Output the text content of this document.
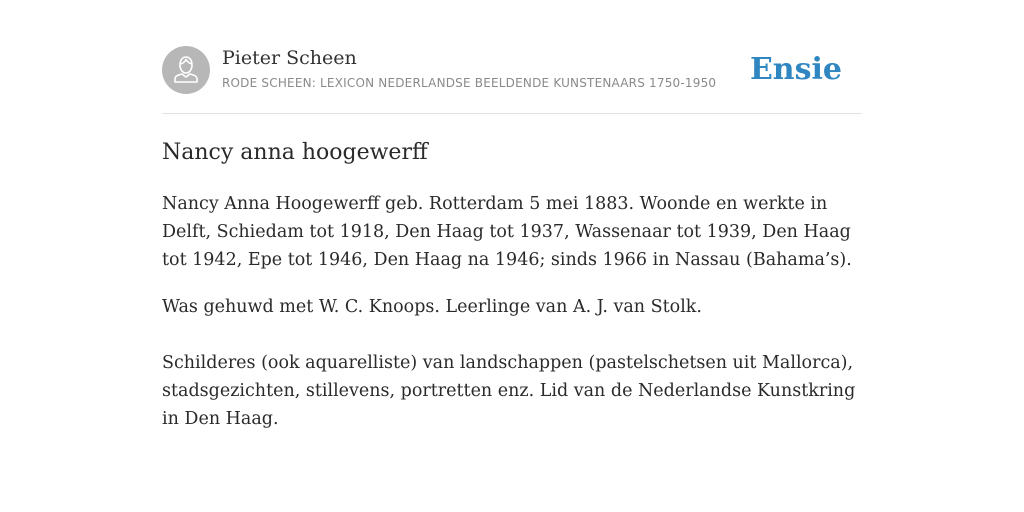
Pieter Scheen
RODE SCHEEN: LEXICON NEDERLANDSE BEELDENDE KUNSTENAARS 1750-1950 Ensie
Nancy anna hoogewerff

Nancy Anna Hoogewerff geb. Rotterdam 5 mei 1883. Woonde en werkte in Delft, Schiedam tot 1918, Den Haag tot 1937, Wassenaar tot 1939, Den Haag tot 1942, Epe tot 1946, Den Haag na 1946; sinds 1966 in Nassau (Bahama’s).

Was gehuwd met W. C. Knoops. Leerlinge van A. J. van Stolk.

Schilderes (ook aquarelliste) van landschappen (pastelschetsen uit Mallorca), stadsgezichten, stillevens, portretten enz. Lid van de Nederlandse Kunstkring in Den Haag.
